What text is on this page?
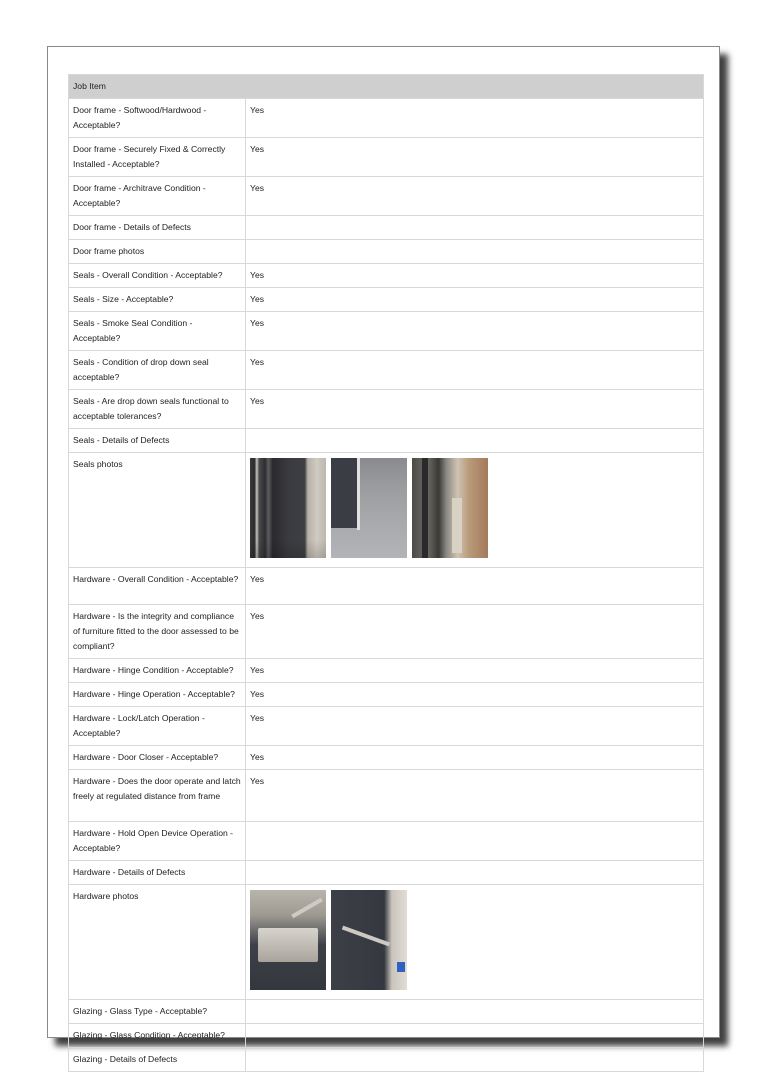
Job Item	
Door frame - Softwood/Hardwood - Acceptable?	Yes
Door frame - Securely Fixed & Correctly Installed - Acceptable?	Yes
Door frame - Architrave Condition - Acceptable?	Yes
Door frame - Details of Defects	
Door frame photos	
Seals - Overall Condition - Acceptable?	Yes
Seals - Size - Acceptable?	Yes
Seals - Smoke Seal Condition - Acceptable?	Yes
Seals - Condition of drop down seal acceptable?	Yes
Seals - Are drop down seals functional to acceptable tolerances?	Yes
Seals - Details of Defects	
Seals photos	

Hardware - Overall Condition - Acceptable?	Yes
Hardware - Is the integrity and compliance of furniture fitted to the door assessed to be compliant?	Yes
Hardware - Hinge Condition - Acceptable?	Yes
Hardware - Hinge Operation - Acceptable?	Yes
Hardware - Lock/Latch Operation - Acceptable?	Yes
Hardware - Door Closer - Acceptable?	Yes
Hardware - Does the door operate and latch freely at regulated distance from frame	Yes
Hardware - Hold Open Device Operation - Acceptable?	
Hardware - Details of Defects	
Hardware photos	

Glazing - Glass Type - Acceptable?	
Glazing - Glass Condition - Acceptable?	
Glazing - Details of Defects	
